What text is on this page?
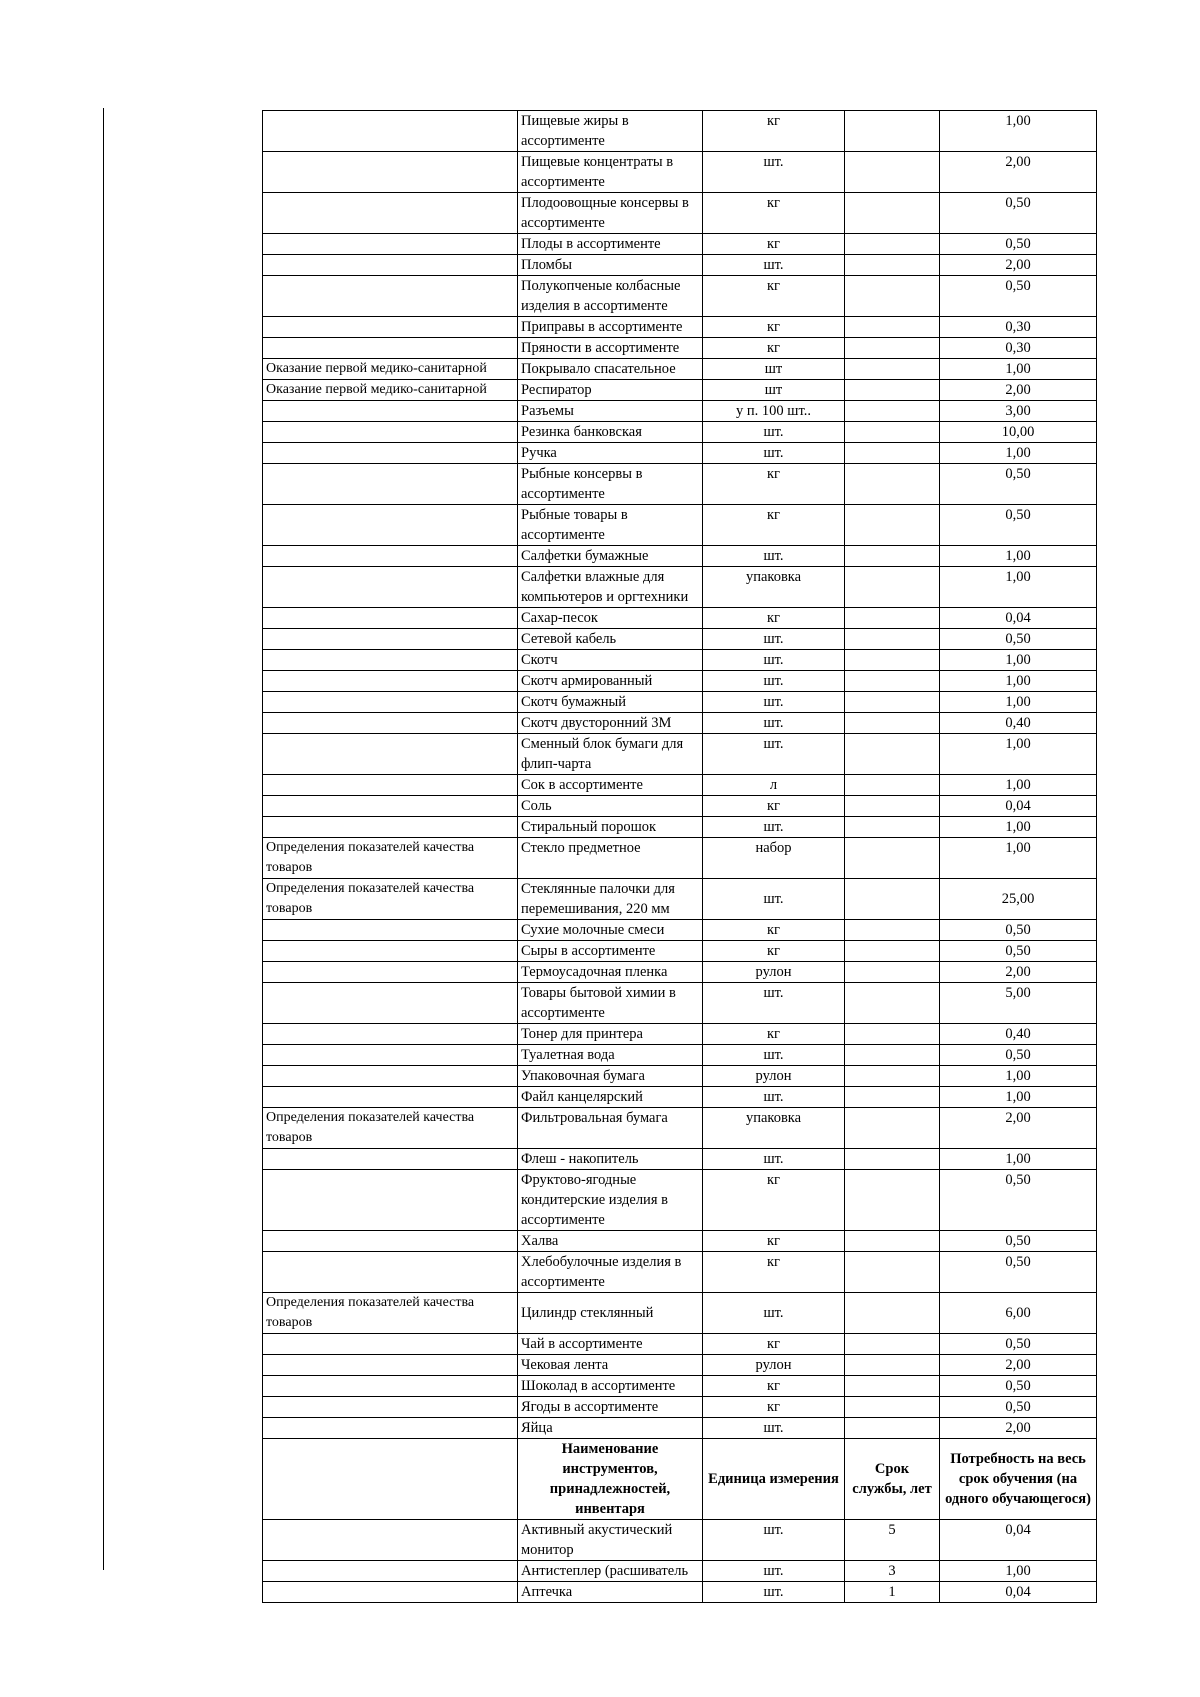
	Пищевые жиры в ассортименте	кг		1,00
	Пищевые концентраты в ассортименте	шт.		2,00
	Плодоовощные консервы в ассортименте	кг		0,50
	Плоды в ассортименте	кг		0,50
	Пломбы	шт.		2,00
	Полукопченые колбасные изделия в ассортименте	кг		0,50
	Приправы в ассортименте	кг		0,30
	Пряности в ассортименте	кг		0,30
Оказание первой медико-санитарной	Покрывало спасательное	шт		1,00
Оказание первой медико-санитарной	Респиратор	шт		2,00
	Разъемы	у п. 100 шт..		3,00
	Резинка банковская	шт.		10,00
	Ручка	шт.		1,00
	Рыбные консервы в ассортименте	кг		0,50
	Рыбные товары в ассортименте	кг		0,50
	Салфетки бумажные	шт.		1,00
	Салфетки влажные для компьютеров и оргтехники	упаковка		1,00
	Сахар-песок	кг		0,04
	Сетевой кабель	шт.		0,50
	Скотч	шт.		1,00
	Скотч армированный	шт.		1,00
	Скотч бумажный	шт.		1,00
	Скотч двусторонний 3М	шт.		0,40
	Сменный блок бумаги для флип-чарта	шт.		1,00
	Сок в ассортименте	л		1,00
	Соль	кг		0,04
	Стиральный порошок	шт.		1,00
Определения показателей качества товаров	Стекло предметное	набор		1,00
Определения показателей качества товаров	Стеклянные палочки для перемешивания, 220 мм	шт.		25,00
	Сухие молочные смеси	кг		0,50
	Сыры в ассортименте	кг		0,50
	Термоусадочная пленка	рулон		2,00
	Товары бытовой химии в ассортименте	шт.		5,00
	Тонер для принтера	кг		0,40
	Туалетная вода	шт.		0,50
	Упаковочная бумага	рулон		1,00
	Файл канцелярский	шт.		1,00
Определения показателей качества товаров	Фильтровальная бумага	упаковка		2,00
	Флеш - накопитель	шт.		1,00
	Фруктово-ягодные кондитерские изделия в ассортименте	кг		0,50
	Халва	кг		0,50
	Хлебобулочные изделия в ассортименте	кг		0,50
Определения показателей качества товаров	Цилиндр стеклянный	шт.		6,00
	Чай в ассортименте	кг		0,50
	Чековая лента	рулон		2,00
	Шоколад в ассортименте	кг		0,50
	Ягоды в ассортименте	кг		0,50
	Яйца	шт.		2,00
	Наименование инструментов, принадлежностей, инвентаря	Единица измерения	Срок службы, лет	Потребность на весь срок обучения (на одного обучающегося)
	Активный акустический монитор	шт.	5	0,04
	Антистеплер (расшиватель	шт.	3	1,00
	Аптечка	шт.	1	0,04
